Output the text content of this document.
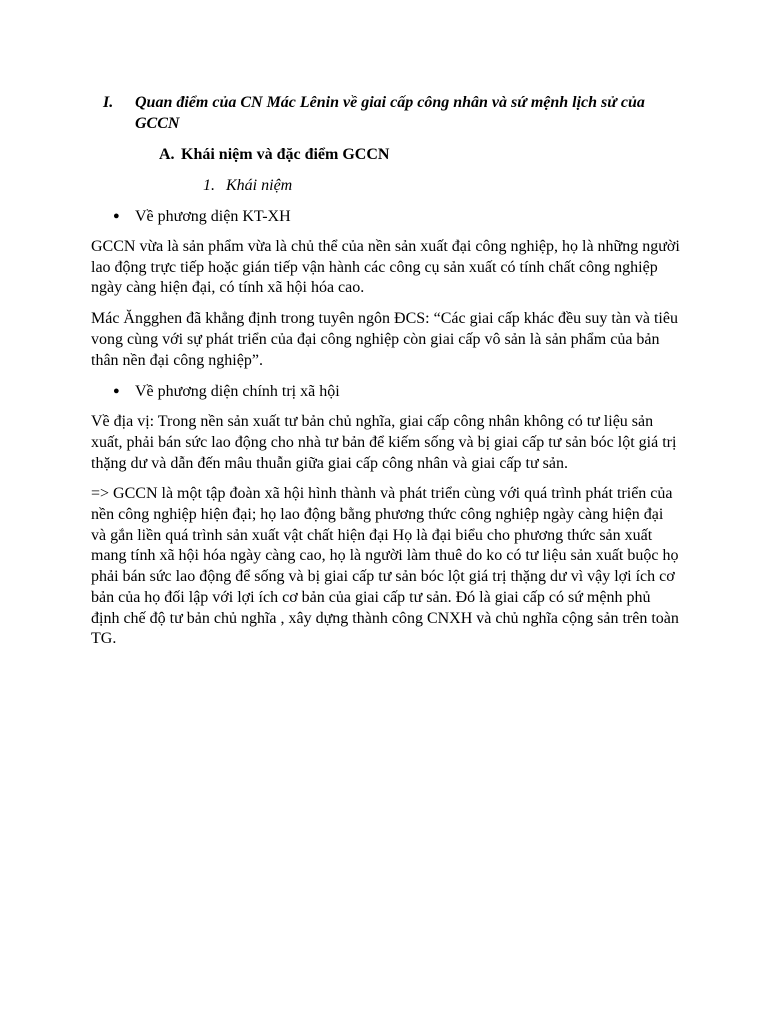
I. Quan điểm của CN Mác Lênin về giai cấp công nhân và sứ mệnh lịch sử của GCCN
A. Khái niệm và đặc điểm GCCN
1. Khái niệm
● Về phương diện KT-XH

GCCN vừa là sản phẩm vừa là chủ thể của nền sản xuất đại công nghiệp, họ là những người lao động trực tiếp hoặc gián tiếp vận hành các công cụ sản xuất có tính chất công nghiệp ngày càng hiện đại, có tính xã hội hóa cao.

Mác Ăngghen đã khẳng định trong tuyên ngôn ĐCS: “Các giai cấp khác đều suy tàn và tiêu vong cùng với sự phát triển của đại công nghiệp còn giai cấp vô sản là sản phẩm của bản thân nền đại công nghiệp”.

● Về phương diện chính trị xã hội

Về địa vị: Trong nền sản xuất tư bản chủ nghĩa, giai cấp công nhân không có tư liệu sản xuất, phải bán sức lao động cho nhà tư bản để kiếm sống và bị giai cấp tư sản bóc lột giá trị thặng dư và dẫn đến mâu thuẫn giữa giai cấp công nhân và giai cấp tư sản.

=> GCCN là một tập đoàn xã hội hình thành và phát triển cùng với quá trình phát triển của nền công nghiệp hiện đại; họ lao động bằng phương thức công nghiệp ngày càng hiện đại và gắn liền quá trình sản xuất vật chất hiện đại Họ là đại biểu cho phương thức sản xuất mang tính xã hội hóa ngày càng cao, họ là người làm thuê do ko có tư liệu sản xuất buộc họ phải bán sức lao động để sống và bị giai cấp tư sản bóc lột giá trị thặng dư vì vậy lợi ích cơ bản của họ đối lập với lợi ích cơ bản của giai cấp tư sản. Đó là giai cấp có sứ mệnh phủ định chế độ tư bản chủ nghĩa , xây dựng thành công CNXH và chủ nghĩa cộng sản trên toàn TG.
